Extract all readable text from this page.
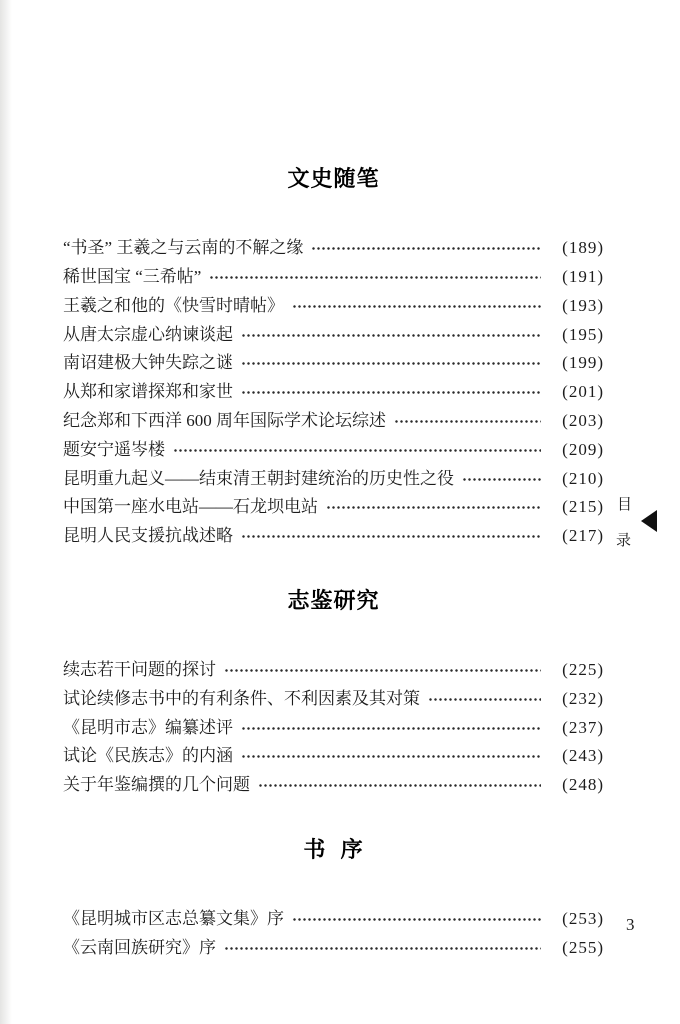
文史随笔
“书圣” 王羲之与云南的不解之缘	(189)
稀世国宝 “三希帖”	(191)
王羲之和他的《快雪时晴帖》	(193)
从唐太宗虚心纳谏谈起	(195)
南诏建极大钟失踪之谜	(199)
从郑和家谱探郑和家世	(201)
纪念郑和下西洋 600 周年国际学术论坛综述	(203)
题安宁遥岑楼	(209)
昆明重九起义——结束清王朝封建统治的历史性之役	(210)
中国第一座水电站——石龙坝电站	(215)
昆明人民支援抗战述略	(217)
志鉴研究
续志若干问题的探讨	(225)
试论续修志书中的有利条件、不利因素及其对策	(232)
《昆明市志》编纂述评	(237)
试论《民族志》的内涵	(243)
关于年鉴编撰的几个问题	(248)
书  序
《昆明城市区志总纂文集》序	(253)
《云南回族研究》序	(255)
目
录
3
